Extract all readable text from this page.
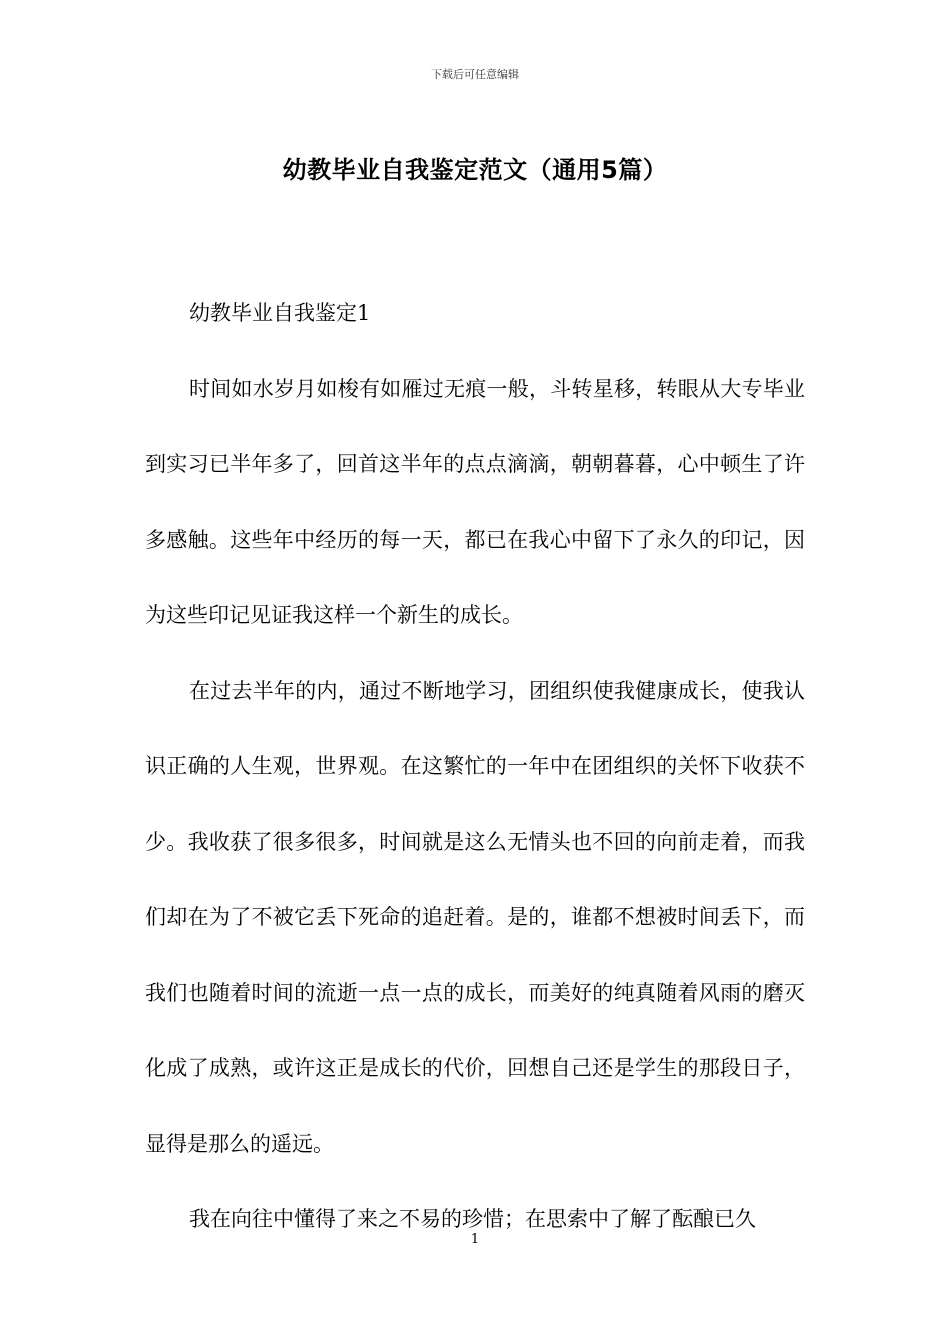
下载后可任意编辑
幼教毕业自我鉴定范文（通用5篇）

幼教毕业自我鉴定1

时间如水岁月如梭有如雁过无痕一般，斗转星移，转眼从大专毕业到实习已半年多了，回首这半年的点点滴滴，朝朝暮暮，心中顿生了许多感触。这些年中经历的每一天，都已在我心中留下了永久的印记，因为这些印记见证我这样一个新生的成长。

在过去半年的内，通过不断地学习，团组织使我健康成长，使我认识正确的人生观，世界观。在这繁忙的一年中在团组织的关怀下收获不少。我收获了很多很多，时间就是这么无情头也不回的向前走着，而我们却在为了不被它丢下死命的追赶着。是的，谁都不想被时间丢下，而我们也随着时间的流逝一点一点的成长，而美好的纯真随着风雨的磨灭化成了成熟，或许这正是成长的代价，回想自己还是学生的那段日子，显得是那么的遥远。

我在向往中懂得了来之不易的珍惜；在思索中了解了酝酿已久

1
